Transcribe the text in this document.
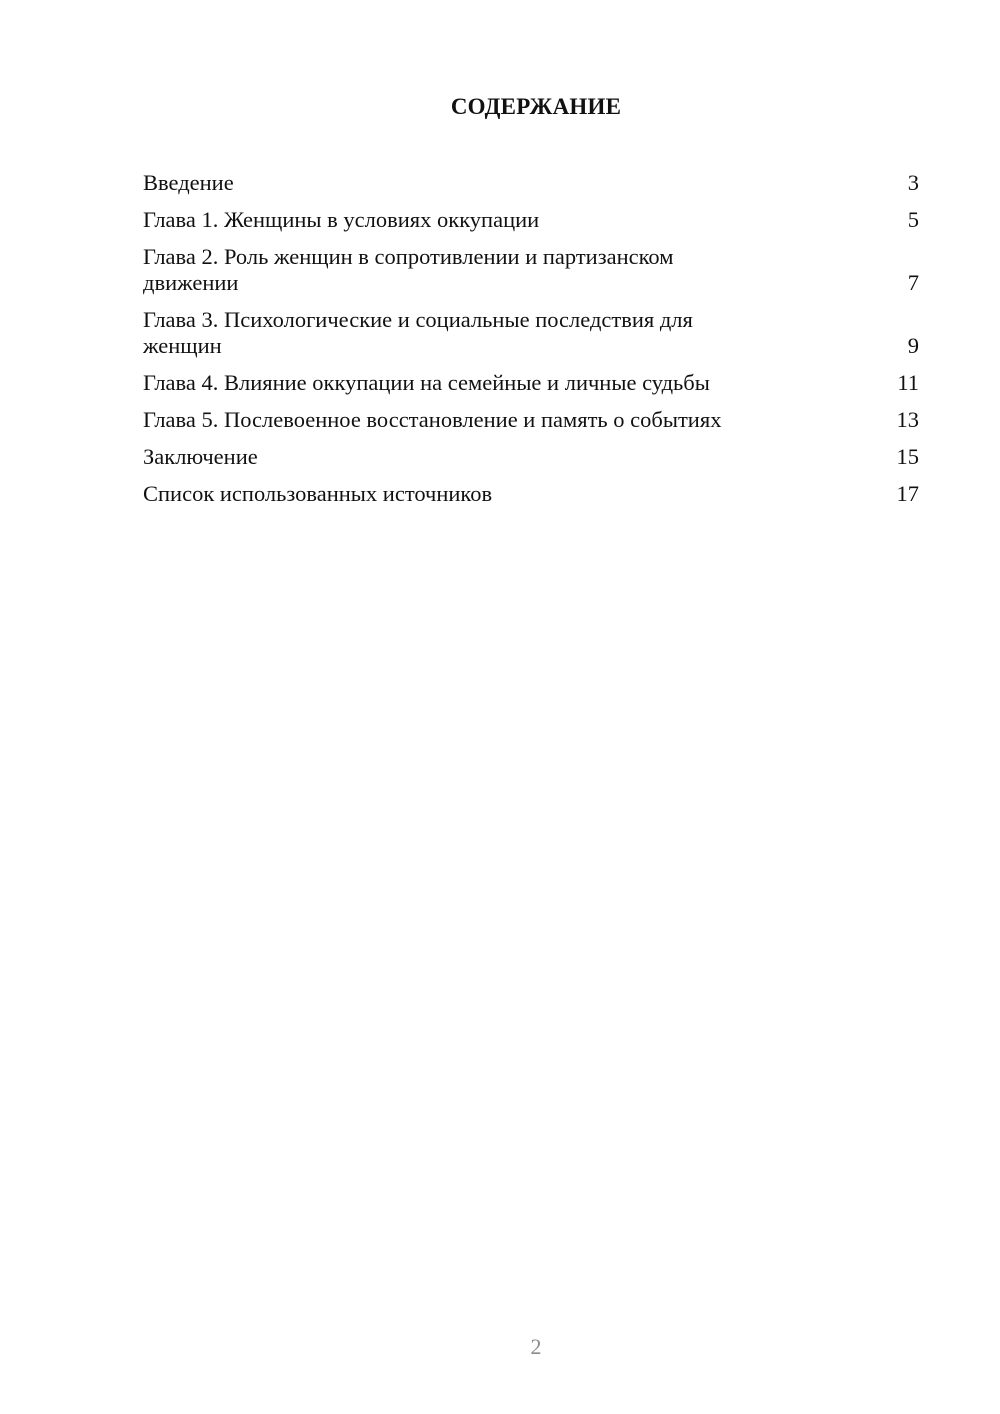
СОДЕРЖАНИЕ
Введение	3
Глава 1. Женщины в условиях оккупации	5
Глава 2. Роль женщин в сопротивлении и партизанском движении	7
Глава 3. Психологические и социальные последствия для женщин	9
Глава 4. Влияние оккупации на семейные и личные судьбы	11
Глава 5. Послевоенное восстановление и память о событиях	13
Заключение	15
Список использованных источников	17
2
